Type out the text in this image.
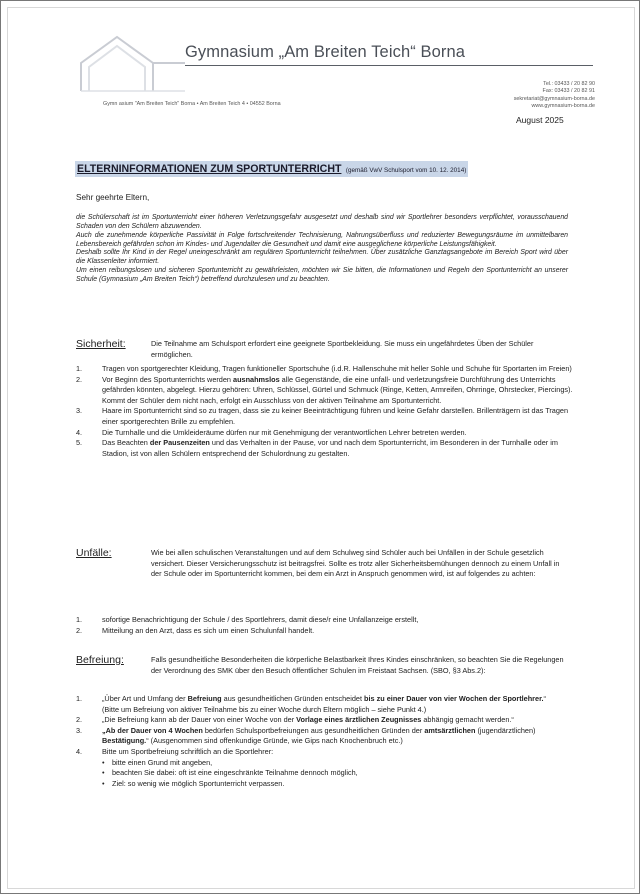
Gymnasium „Am Breiten Teich“ Borna
Tel.: 03433 / 20 82 90
Fax: 03433 / 20 82 91
sekretariat@gymnasium-borna.de
www.gymnasium-borna.de
Gymn asium "Am Breiten Teich" Borna • Am Breiten Teich 4 • 04552 Borna
August 2025
ELTERNINFORMATIONEN ZUM SPORTUNTERRICHT (gemäß VwV Schulsport vom 10. 12. 2014)
Sehr geehrte Eltern,

die Schülerschaft ist im Sportunterricht einer höheren Verletzungsgefahr ausgesetzt und deshalb sind wir Sportlehrer besonders verpflichtet, vorausschauend Schaden von den Schülern abzuwenden.

Auch die zunehmende körperliche Passivität in Folge fortschreitender Technisierung, Nahrungsüberfluss und reduzierter Bewegungsräume im unmittelbaren Lebensbereich gefährden schon im Kindes- und Jugendalter die Gesundheit und damit eine ausgeglichene körperliche Leistungsfähigkeit.

Deshalb sollte Ihr Kind in der Regel uneingeschränkt am regulären Sportunterricht teilnehmen. Über zusätzliche Ganztagsangebote im Bereich Sport wird über die Klassenleiter informiert.

Um einen reibungslosen und sicheren Sportunterricht zu gewährleisten, möchten wir Sie bitten, die Informationen und Regeln den Sportunterricht an unserer Schule (Gymnasium „Am Breiten Teich“) betreffend durchzulesen und zu beachten.

Sicherheit:	Die Teilnahme am Schulsport erfordert eine geeignete Sportbekleidung. Sie muss ein ungefährdetes Üben der Schüler ermöglichen.

1.	Tragen von sportgerechter Kleidung, Tragen funktioneller Sportschuhe (i.d.R. Hallenschuhe mit heller Sohle und Schuhe für Sportarten im Freien)

2.	Vor Beginn des Sportunterrichts werden ausnahmslos alle Gegenstände, die eine unfall- und verletzungsfreie Durchführung des Unterrichts gefährden könnten, abgelegt. Hierzu gehören: Uhren, Schlüssel, Gürtel und Schmuck (Ringe, Ketten, Armreifen, Ohrringe, Ohrstecker, Piercings). Kommt der Schüler dem nicht nach, erfolgt ein Ausschluss von der aktiven Teilnahme am Sportunterricht.

3.	Haare im Sportunterricht sind so zu tragen, dass sie zu keiner Beeinträchtigung führen und keine Gefahr darstellen. Brillenträgern ist das Tragen einer sportgerechten Brille zu empfehlen.

4.	Die Turnhalle und die Umkleideräume dürfen nur mit Genehmigung der verantwortlichen Lehrer betreten werden.

5.	Das Beachten der Pausenzeiten und das Verhalten in der Pause, vor und nach dem Sportunterricht, im Besonderen in der Turnhalle oder im Stadion, ist von allen Schülern entsprechend der Schulordnung zu gestalten.

Unfälle:	Wie bei allen schulischen Veranstaltungen und auf dem Schulweg sind Schüler auch bei Unfällen in der Schule gesetzlich versichert. Dieser Versicherungsschutz ist beitragsfrei. Sollte es trotz aller Sicherheitsbemühungen dennoch zu einem Unfall in der Schule oder im Sportunterricht kommen, bei dem ein Arzt in Anspruch genommen wird, ist auf folgendes zu achten:

1.	sofortige Benachrichtigung der Schule / des Sportlehrers, damit diese/r eine Unfallanzeige erstellt,

2.	Mitteilung an den Arzt, dass es sich um einen Schulunfall handelt.

Befreiung:	Falls gesundheitliche Besonderheiten die körperliche Belastbarkeit Ihres Kindes einschränken, so beachten Sie die Regelungen der Verordnung des SMK über den Besuch öffentlicher Schulen im Freistaat Sachsen. (SBO, §3 Abs.2):

1.	„Über Art und Umfang der Befreiung aus gesundheitlichen Gründen entscheidet bis zu einer Dauer von vier Wochen der Sportlehrer.“
(Bitte um Befreiung von aktiver Teilnahme bis zu einer Woche durch Eltern möglich – siehe Punkt 4.)

2.	„Die Befreiung kann ab der Dauer von einer Woche von der Vorlage eines ärztlichen Zeugnisses abhängig gemacht werden.“

3.	„Ab der Dauer von 4 Wochen bedürfen Schulsportbefreiungen aus gesundheitlichen Gründen der amtsärztlichen (jugendärztlichen) Bestätigung.“ (Ausgenommen sind offenkundige Gründe, wie Gips nach Knochenbruch etc.)

4.	Bitte um Sportbefreiung schriftlich an die Sportlehrer:

• bitte einen Grund mit angeben,

• beachten Sie dabei: oft ist eine eingeschränkte Teilnahme dennoch möglich,

• Ziel: so wenig wie möglich Sportunterricht verpassen.
